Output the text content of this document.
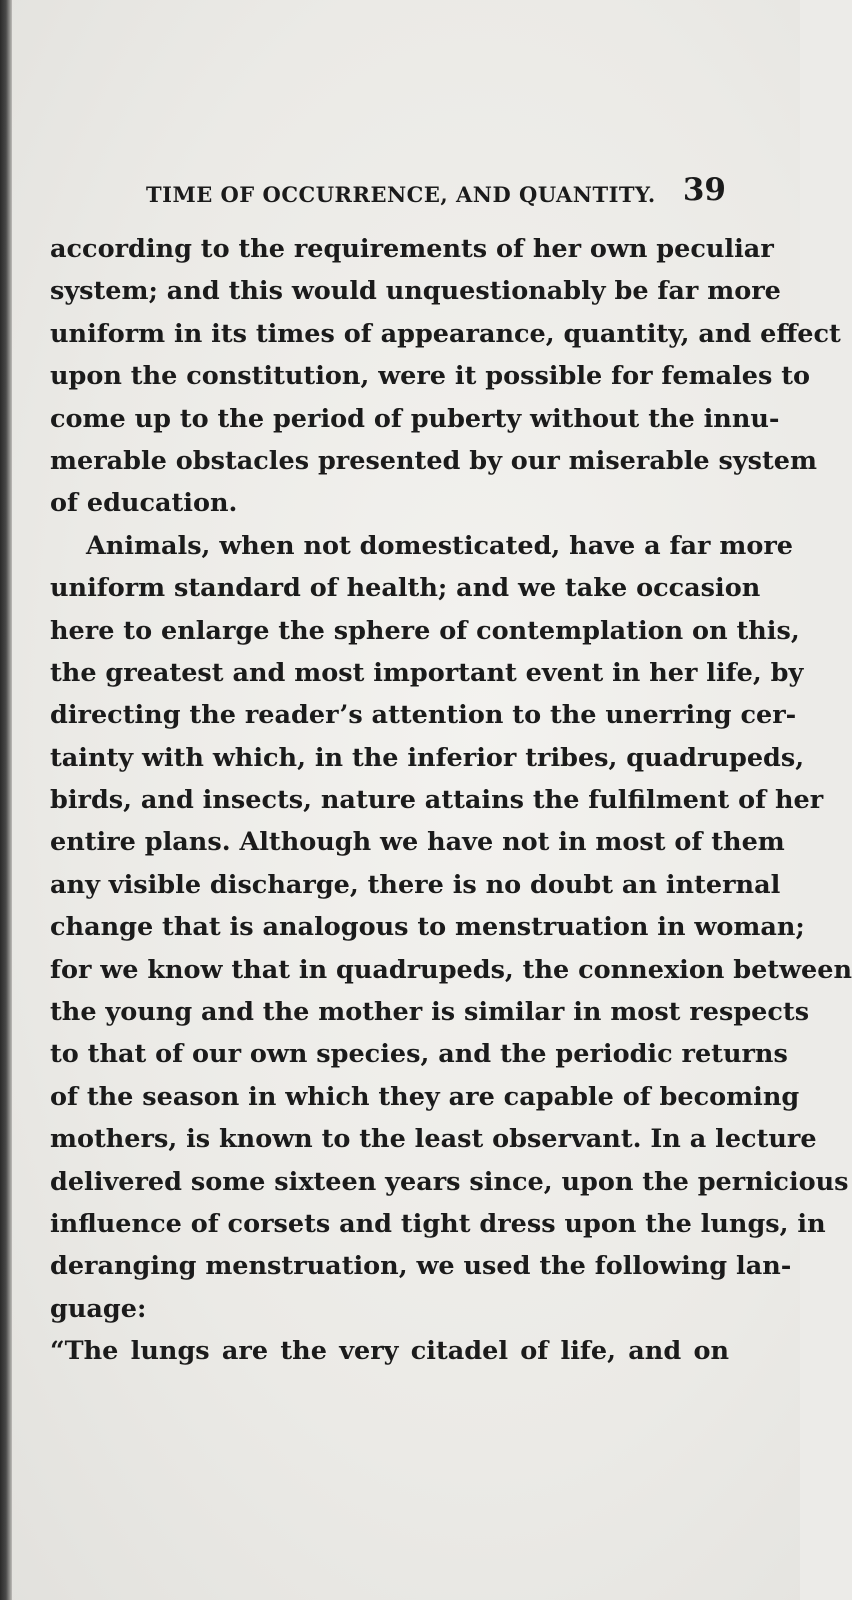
TIME OF OCCURRENCE, AND QUANTITY. 39
according to the requirements of her own peculiar
system; and this would unquestionably be far more
uniform in its times of appearance, quantity, and effect
upon the constitution, were it possible for females to
come up to the period of puberty without the innu-
merable obstacles presented by our miserable system
of education.
Animals, when not domesticated, have a far more
uniform standard of health; and we take occasion
here to enlarge the sphere of contemplation on this,
the greatest and most important event in her life, by
directing the reader’s attention to the unerring cer-
tainty with which, in the inferior tribes, quadrupeds,
birds, and insects, nature attains the fulfilment of her
entire plans. Although we have not in most of them
any visible discharge, there is no doubt an internal
change that is analogous to menstruation in woman;
for we know that in quadrupeds, the connexion between
the young and the mother is similar in most respects
to that of our own species, and the periodic returns
of the season in which they are capable of becoming
mothers, is known to the least observant. In a lecture
delivered some sixteen years since, upon the pernicious
influence of corsets and tight dress upon the lungs, in
deranging menstruation, we used the following lan-
guage:
“The lungs are the very citadel of life, and on
